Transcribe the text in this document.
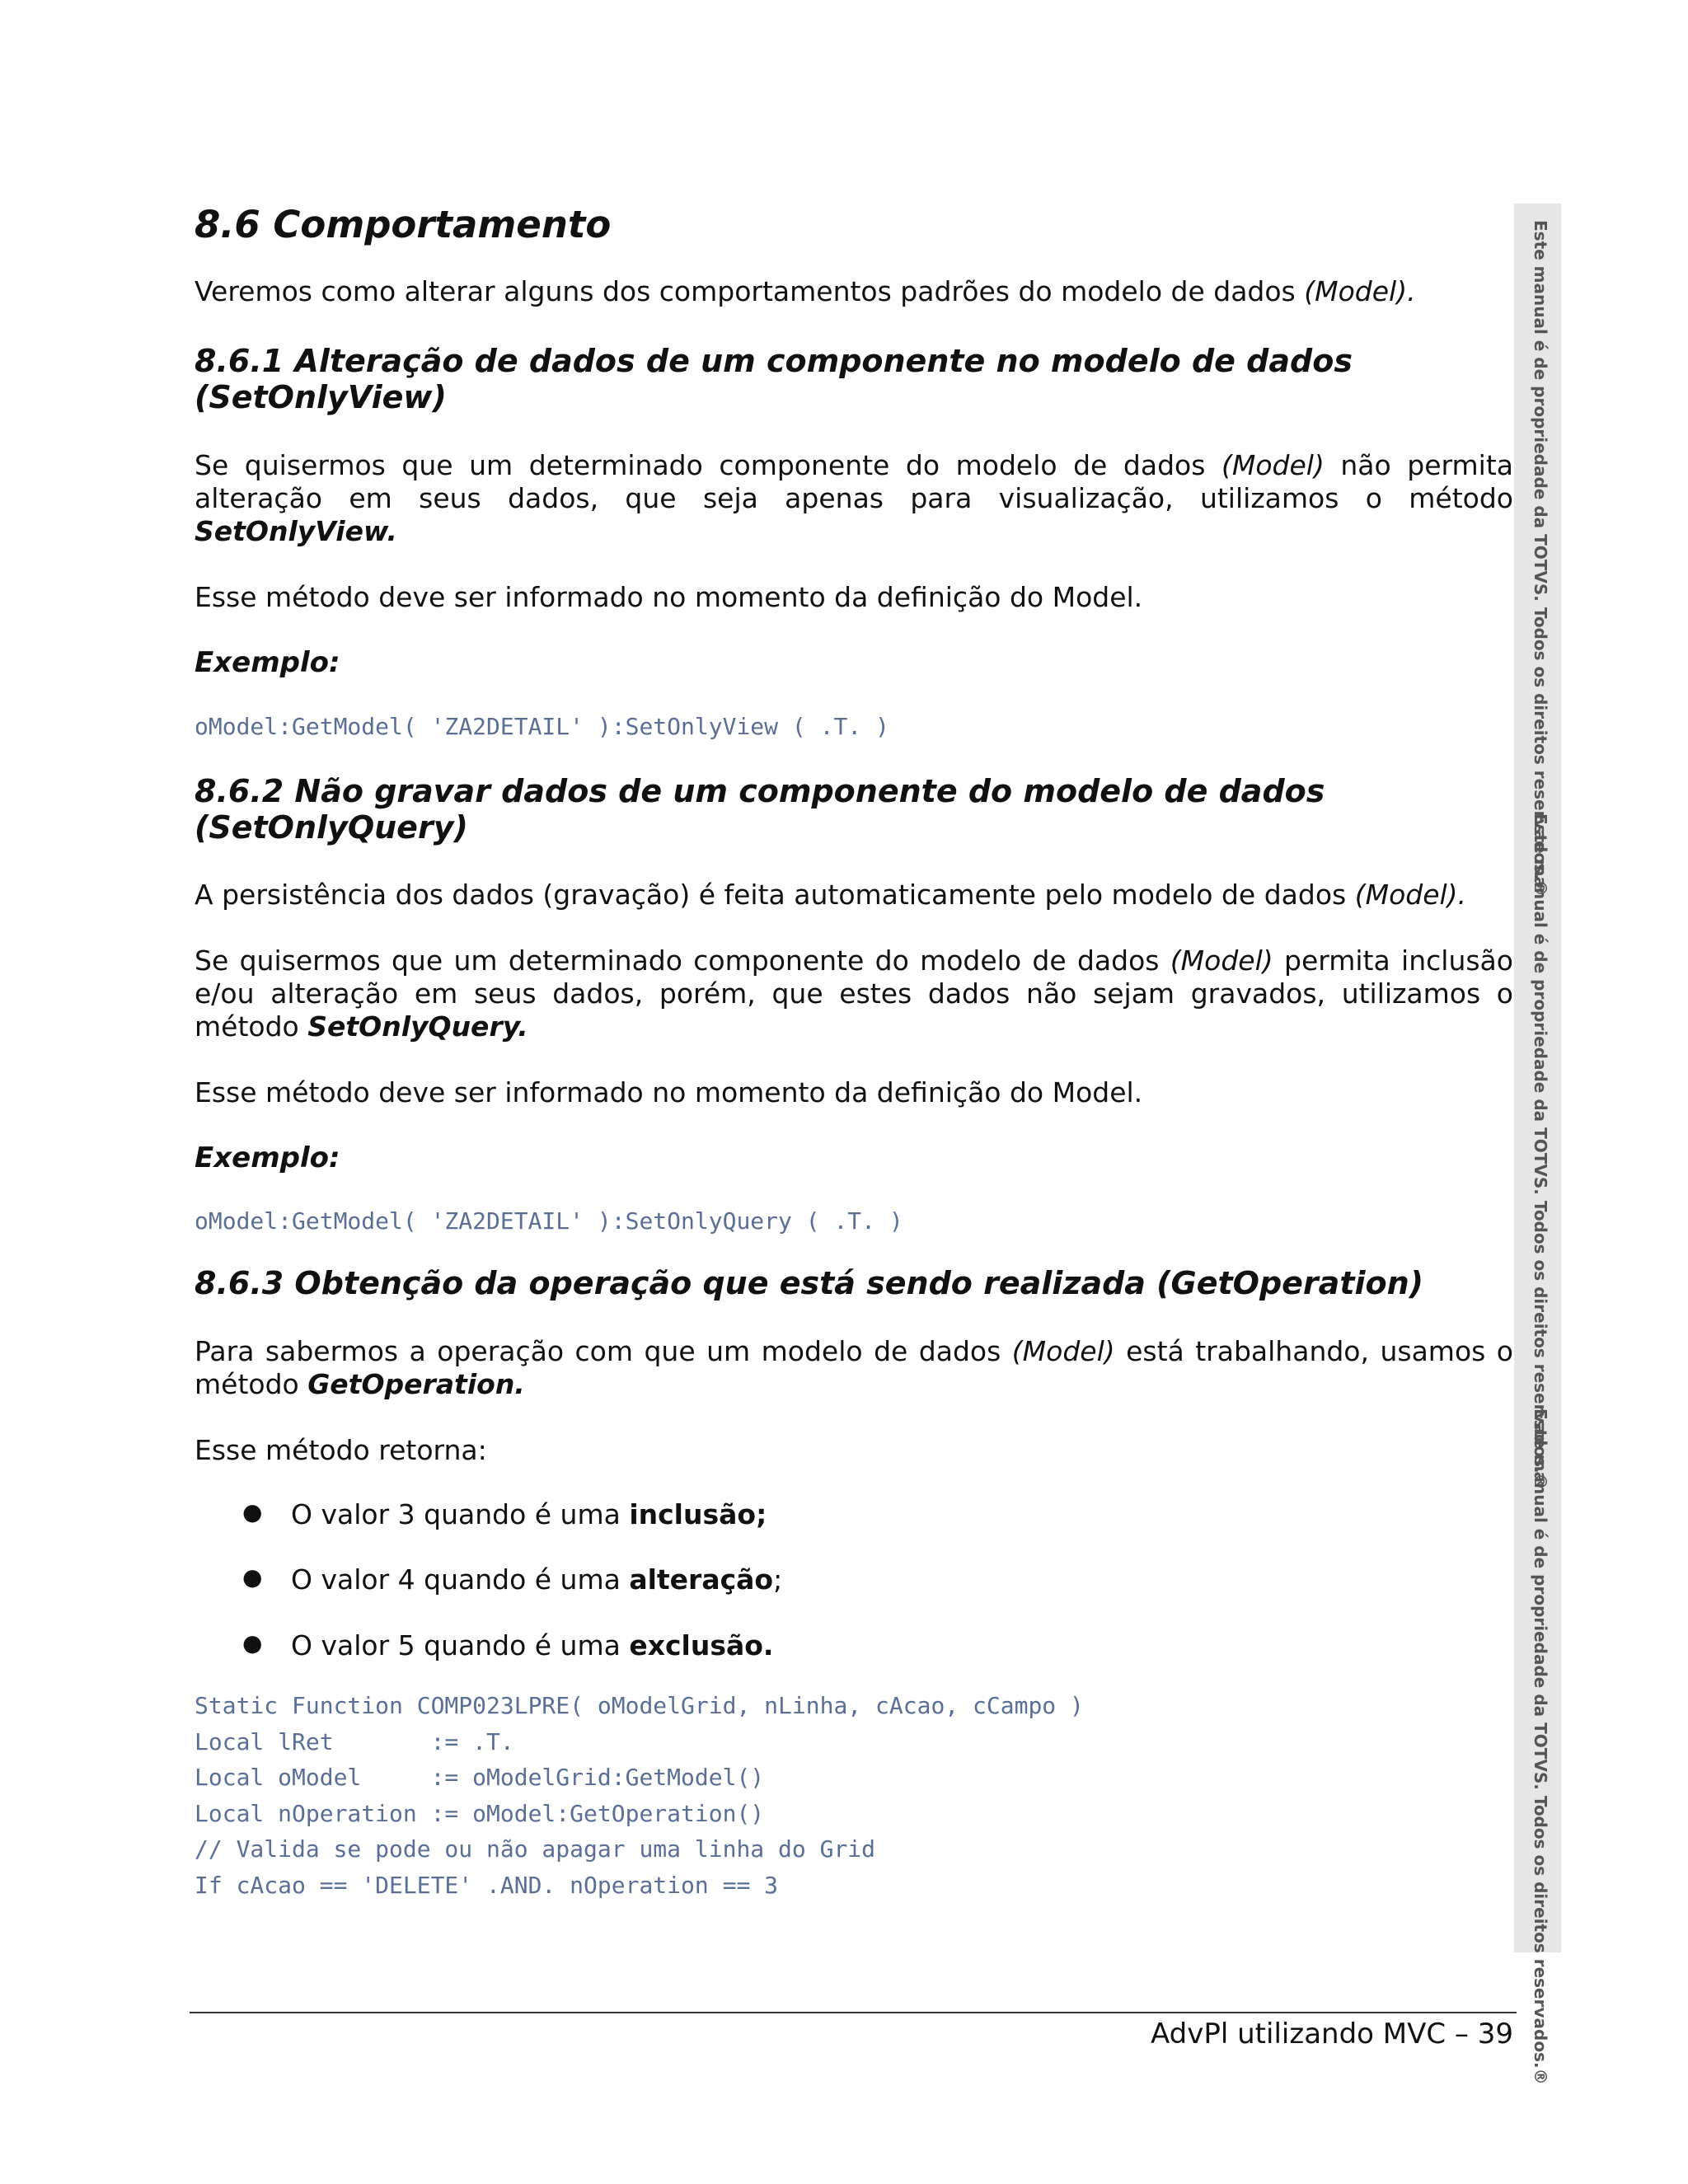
8.6 Comportamento

Veremos como alterar alguns dos comportamentos padrões do modelo de dados (Model).

8.6.1 Alteração de dados de um componente no modelo de dados
(SetOnlyView)

Se quisermos que um determinado componente do modelo de dados (Model) não permita alteração em seus dados, que seja apenas para visualização, utilizamos o método SetOnlyView.

Esse método deve ser informado no momento da definição do Model.

Exemplo:
oModel:GetModel( 'ZA2DETAIL' ):SetOnlyView ( .T. )
8.6.2 Não gravar dados de um componente do modelo de dados
(SetOnlyQuery)

A persistência dos dados (gravação) é feita automaticamente pelo modelo de dados (Model).

Se quisermos que um determinado componente do modelo de dados (Model) permita inclusão e/ou alteração em seus dados, porém, que estes dados não sejam gravados, utilizamos o método SetOnlyQuery.

Esse método deve ser informado no momento da definição do Model.

Exemplo:
oModel:GetModel( 'ZA2DETAIL' ):SetOnlyQuery ( .T. )
8.6.3 Obtenção da operação que está sendo realizada (GetOperation)

Para sabermos a operação com que um modelo de dados (Model) está trabalhando, usamos o método GetOperation.

Esse método retorna:

● O valor 3 quando é uma inclusão;
● O valor 4 quando é uma alteração;
● O valor 5 quando é uma exclusão.
Static Function COMP023LPRE( oModelGrid, nLinha, cAcao, cCampo )
Local lRet       := .T.
Local oModel     := oModelGrid:GetModel()
Local nOperation := oModel:GetOperation()
// Valida se pode ou não apagar uma linha do Grid
If cAcao == 'DELETE' .AND. nOperation == 3
Este manual é de propriedade da TOTVS. Todos os direitos reservados.®
Este manual é de propriedade da TOTVS. Todos os direitos reservados.®
Este manual é de propriedade da TOTVS. Todos os direitos reservados.®
AdvPl utilizando MVC – 39
